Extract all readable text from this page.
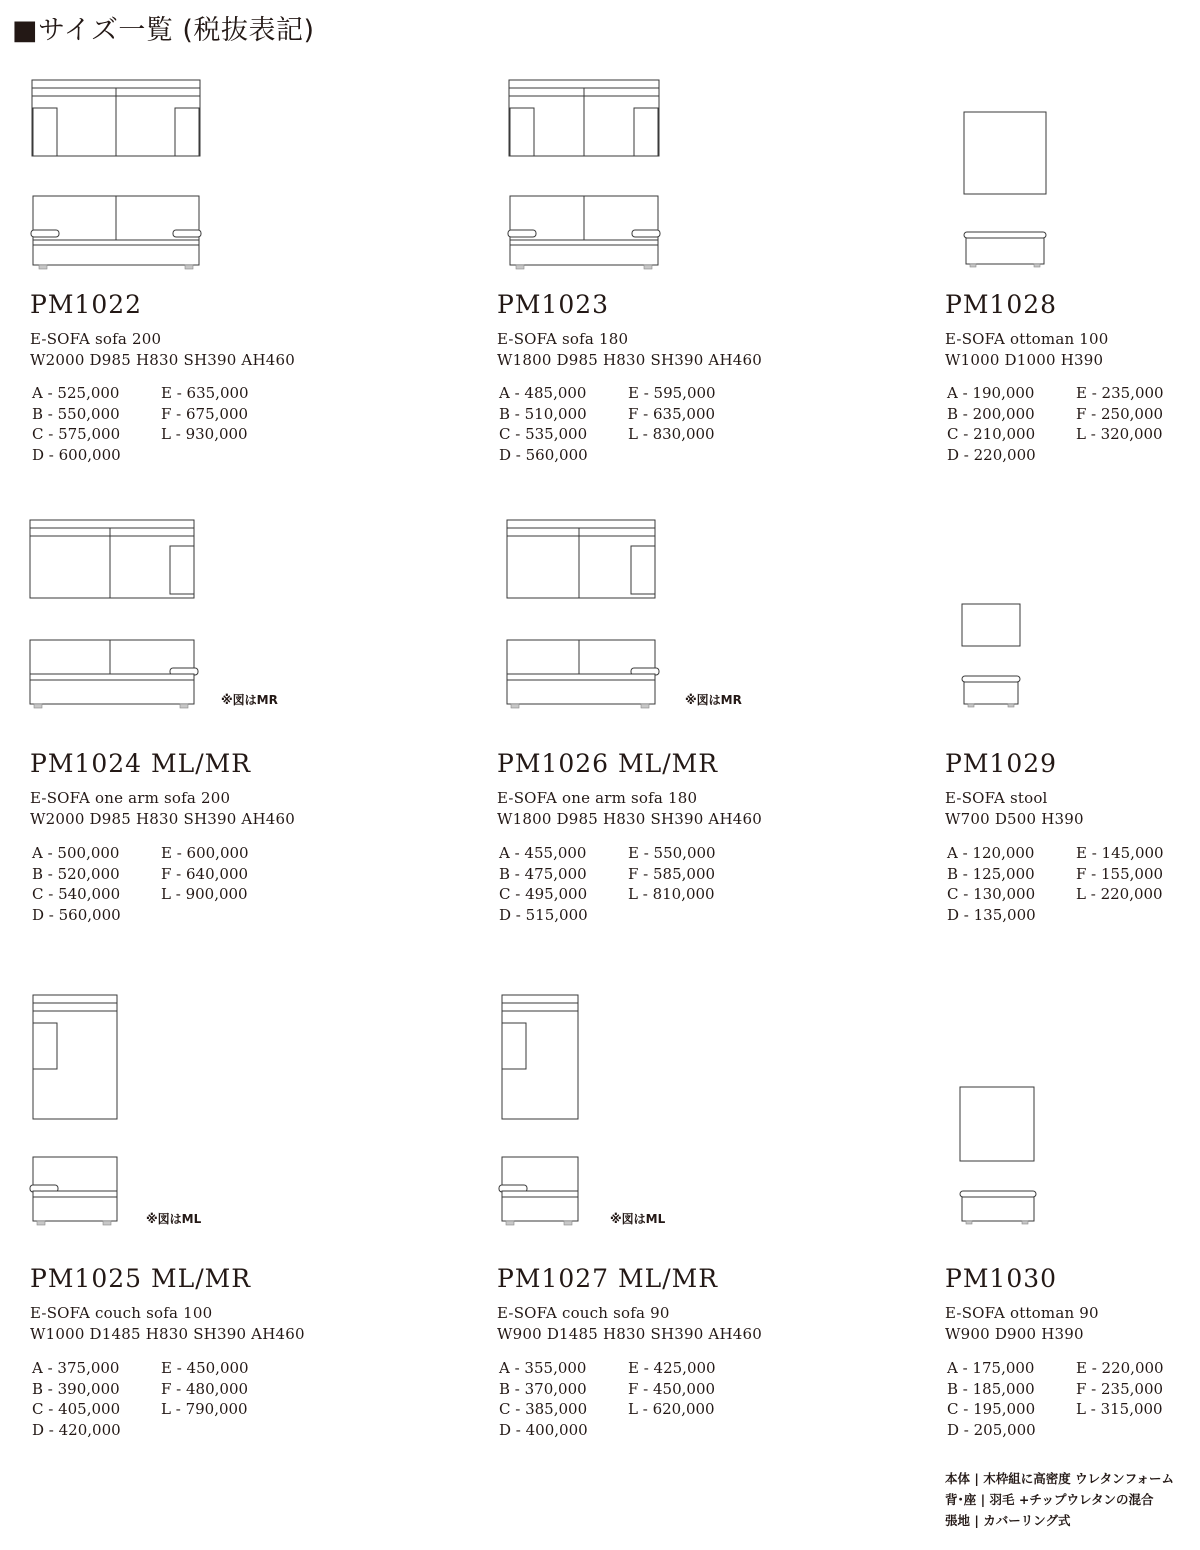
■サイズ一覧 (税抜表記)
PM1022
E-SOFA sofa 200
W2000 D985 H830 SH390 AH460
A - 525,000
B - 550,000
C - 575,000
D - 600,000
E - 635,000
F - 675,000
L - 930,000
PM1023
E-SOFA sofa 180
W1800 D985 H830 SH390 AH460
A - 485,000
B - 510,000
C - 535,000
D - 560,000
E - 595,000
F - 635,000
L - 830,000
PM1028
E-SOFA ottoman 100
W1000 D1000 H390
A - 190,000
B - 200,000
C - 210,000
D - 220,000
E - 235,000
F - 250,000
L - 320,000
※図はMR
PM1024 ML/MR
E-SOFA one arm sofa 200
W2000 D985 H830 SH390 AH460
A - 500,000
B - 520,000
C - 540,000
D - 560,000
E - 600,000
F - 640,000
L - 900,000
※図はMR
PM1026 ML/MR
E-SOFA one arm sofa 180
W1800 D985 H830 SH390 AH460
A - 455,000
B - 475,000
C - 495,000
D - 515,000
E - 550,000
F - 585,000
L - 810,000
PM1029
E-SOFA stool
W700 D500 H390
A - 120,000
B - 125,000
C - 130,000
D - 135,000
E - 145,000
F - 155,000
L - 220,000
※図はML
PM1025 ML/MR
E-SOFA couch sofa 100
W1000 D1485 H830 SH390 AH460
A - 375,000
B - 390,000
C - 405,000
D - 420,000
E - 450,000
F - 480,000
L - 790,000
※図はML
PM1027 ML/MR
E-SOFA couch sofa 90
W900 D1485 H830 SH390 AH460
A - 355,000
B - 370,000
C - 385,000
D - 400,000
E - 425,000
F - 450,000
L - 620,000
PM1030
E-SOFA ottoman 90
W900 D900 H390
A - 175,000
B - 185,000
C - 195,000
D - 205,000
E - 220,000
F - 235,000
L - 315,000
本体 | 木枠組に高密度 ウレタンフォーム
背･座 | 羽毛 +チップウレタンの混合
張地 | カバーリング式
